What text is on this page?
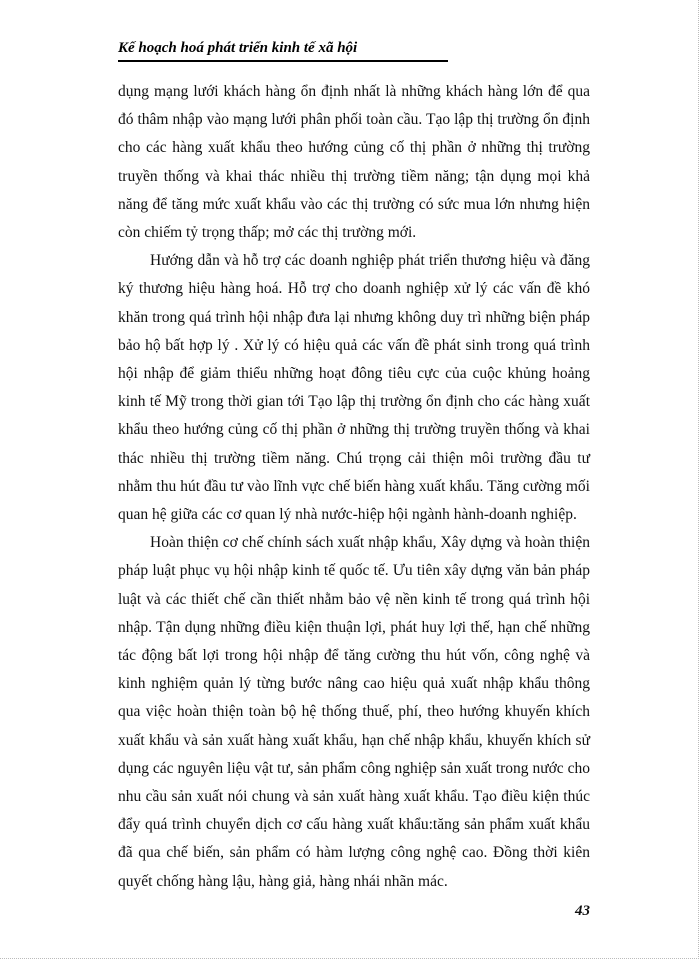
Kế hoạch hoá phát triển kinh tế xã hội

dụng mạng lưới khách hàng ổn định nhất là những khách hàng lớn để qua đó thâm nhập vào mạng lưới phân phối toàn cầu. Tạo lập thị trường ổn định cho các hàng xuất khẩu theo hướng củng cố thị phần ở những thị trường truyền thống và khai thác nhiều thị trường tiềm năng; tận dụng mọi khả năng để tăng mức xuất khẩu vào các thị trường có sức mua lớn nhưng hiện còn chiếm tỷ trọng thấp; mở các thị trường mới.

Hướng dẫn và hỗ trợ các doanh nghiệp phát triển thương hiệu và đăng ký thương hiệu hàng hoá. Hỗ trợ cho doanh nghiệp xử lý các vấn đề khó khăn trong quá trình hội nhập đưa lại nhưng không duy trì những biện pháp bảo hộ bất hợp lý . Xử lý có hiệu quả các vấn đề phát sinh trong quá trình hội nhập để giảm thiểu những hoạt đông tiêu cực của cuộc khủng hoảng kinh tế Mỹ trong thời gian tới Tạo lập thị trường ổn định cho các hàng xuất khẩu theo hướng củng cố thị phần ở những thị trường truyền thống và khai thác nhiều thị trường tiềm năng. Chú trọng cải thiện môi trường đầu tư nhằm thu hút đầu tư vào lĩnh vực chế biến hàng xuất khẩu. Tăng cường mối quan hệ giữa các cơ quan lý nhà nước-hiệp hội ngành hành-doanh nghiệp.

Hoàn thiện cơ chế chính sách xuất nhập khẩu, Xây dựng và hoàn thiện pháp luật phục vụ hội nhập kinh tế quốc tế. Ưu tiên xây dựng văn bản pháp luật và các thiết chế cần thiết nhằm bảo vệ nền kinh tế trong quá trình hội nhập. Tận dụng những điều kiện thuận lợi, phát huy lợi thế, hạn chế những tác động bất lợi trong hội nhập để tăng cường thu hút vốn, công nghệ và kinh nghiệm quản lý từng bước nâng cao hiệu quả xuất nhập khẩu thông qua việc hoàn thiện toàn bộ hệ thống thuế, phí, theo hướng khuyến khích xuất khẩu và sản xuất hàng xuất khẩu, hạn chế nhập khẩu, khuyến khích sử dụng các nguyên liệu vật tư, sản phẩm công nghiệp sản xuất trong nước cho nhu cầu sản xuất nói chung và sản xuất hàng xuất khẩu. Tạo điều kiện thúc đẩy quá trình chuyển dịch cơ cấu hàng xuất khẩu:tăng sản phẩm xuất khẩu đã qua chế biến, sản phẩm có hàm lượng công nghệ cao. Đồng thời kiên quyết chống hàng lậu, hàng giả, hàng nhái nhãn mác.

43
